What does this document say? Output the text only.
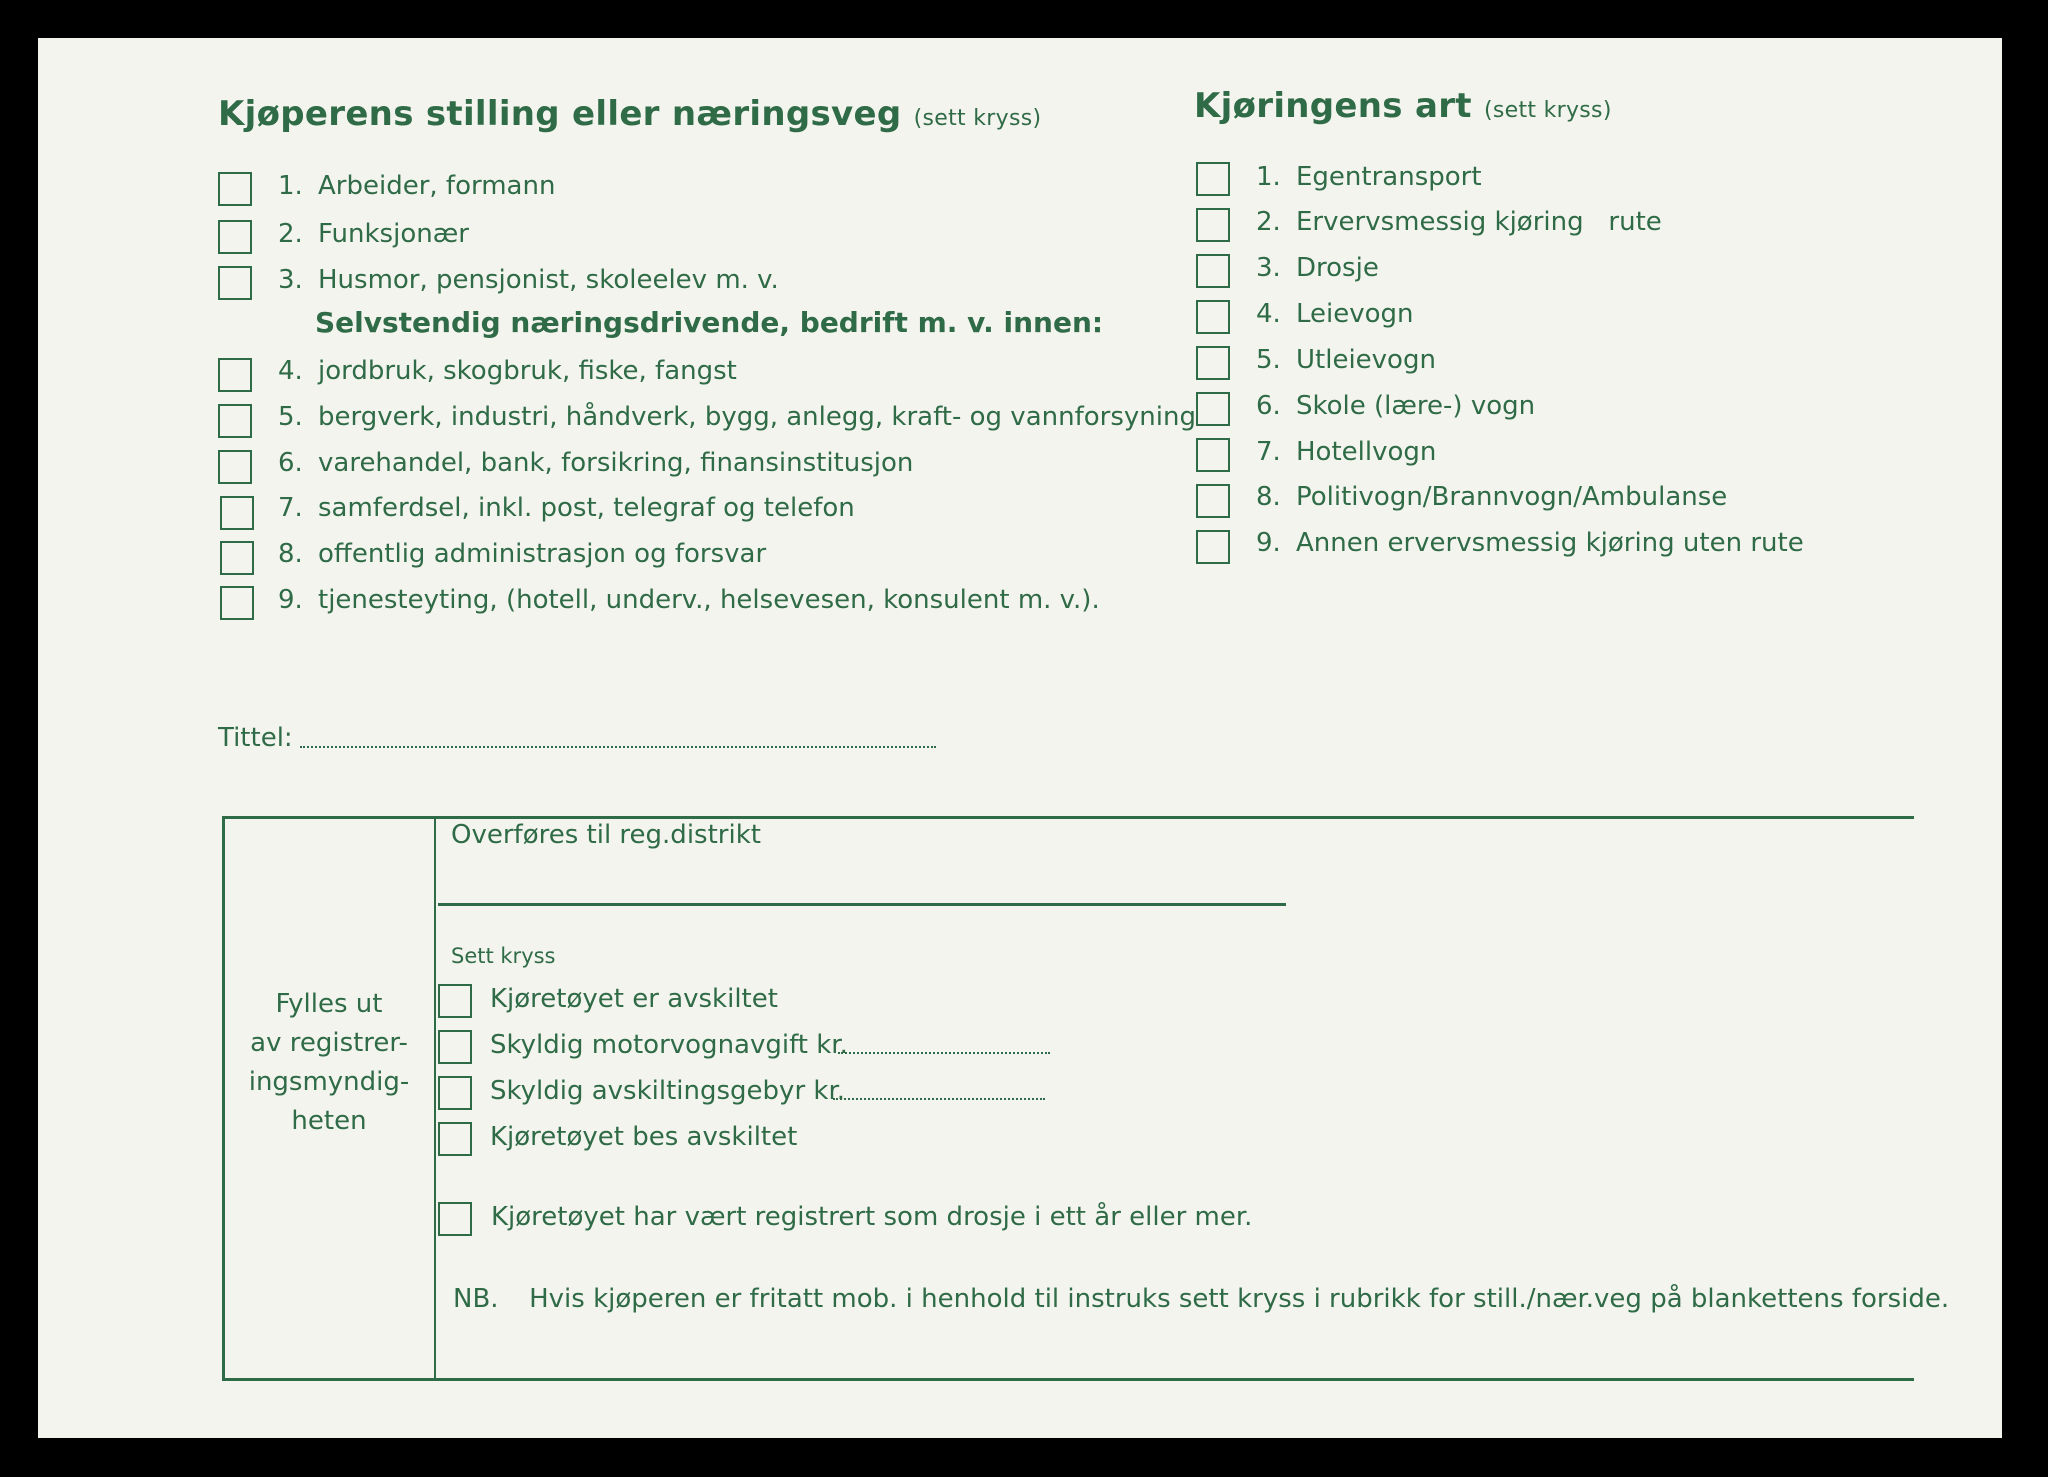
Kjøperens stilling eller næringsveg (sett kryss)
1. Arbeider, formann
2. Funksjonær
3. Husmor, pensjonist, skoleelev m. v.
Selvstendig næringsdrivende, bedrift m. v. innen:
4. jordbruk, skogbruk, fiske, fangst
5. bergverk, industri, håndverk, bygg, anlegg, kraft- og vannforsyning
6. varehandel, bank, forsikring, finansinstitusjon
7. samferdsel, inkl. post, telegraf og telefon
8. offentlig administrasjon og forsvar
9. tjenesteyting, (hotell, underv., helsevesen, konsulent m. v.).
Kjøringens art (sett kryss)
1. Egentransport
2. Ervervsmessig kjøring   rute
3. Drosje
4. Leievogn
5. Utleievogn
6. Skole (lære-) vogn
7. Hotellvogn
8. Politivogn/Brannvogn/Ambulanse
9. Annen ervervsmessig kjøring uten rute
Tittel:
Fylles ut
av registrer-
ingsmyndig-
heten
Overføres til reg.distrikt
Sett kryss
Kjøretøyet er avskiltet
Skyldig motorvognavgift kr.
Skyldig avskiltingsgebyr kr.
Kjøretøyet bes avskiltet
Kjøretøyet har vært registrert som drosje i ett år eller mer.
NB. Hvis kjøperen er fritatt mob. i henhold til instruks sett kryss i rubrikk for still./nær.veg på blankettens forside.
